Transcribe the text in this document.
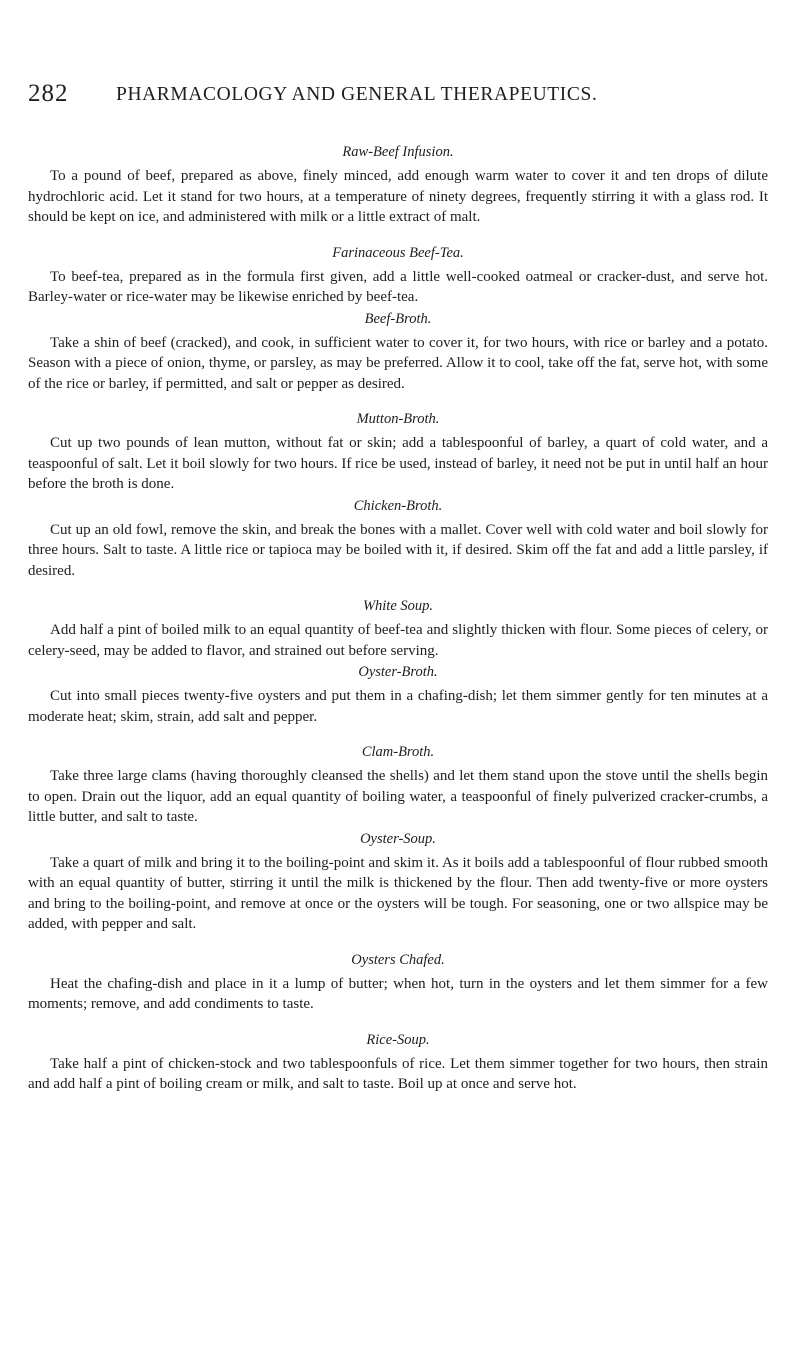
282 PHARMACOLOGY AND GENERAL THERAPEUTICS.
Raw-Beef Infusion.

To a pound of beef, prepared as above, finely minced, add enough warm water to cover it and ten drops of dilute hydrochloric acid. Let it stand for two hours, at a temperature of ninety degrees, frequently stirring it with a glass rod. It should be kept on ice, and administered with milk or a little extract of malt.

Farinaceous Beef-Tea.

To beef-tea, prepared as in the formula first given, add a little well-cooked oatmeal or cracker-dust, and serve hot. Barley-water or rice-water may be likewise enriched by beef-tea.

Beef-Broth.

Take a shin of beef (cracked), and cook, in sufficient water to cover it, for two hours, with rice or barley and a potato. Season with a piece of onion, thyme, or parsley, as may be preferred. Allow it to cool, take off the fat, serve hot, with some of the rice or barley, if permitted, and salt or pepper as desired.

Mutton-Broth.

Cut up two pounds of lean mutton, without fat or skin; add a tablespoonful of barley, a quart of cold water, and a teaspoonful of salt. Let it boil slowly for two hours. If rice be used, instead of barley, it need not be put in until half an hour before the broth is done.

Chicken-Broth.

Cut up an old fowl, remove the skin, and break the bones with a mallet. Cover well with cold water and boil slowly for three hours. Salt to taste. A little rice or tapioca may be boiled with it, if desired. Skim off the fat and add a little parsley, if desired.

White Soup.

Add half a pint of boiled milk to an equal quantity of beef-tea and slightly thicken with flour. Some pieces of celery, or celery-seed, may be added to flavor, and strained out before serving.

Oyster-Broth.

Cut into small pieces twenty-five oysters and put them in a chafing-dish; let them simmer gently for ten minutes at a moderate heat; skim, strain, add salt and pepper.

Clam-Broth.

Take three large clams (having thoroughly cleansed the shells) and let them stand upon the stove until the shells begin to open. Drain out the liquor, add an equal quantity of boiling water, a teaspoonful of finely pulverized cracker-crumbs, a little butter, and salt to taste.

Oyster-Soup.

Take a quart of milk and bring it to the boiling-point and skim it. As it boils add a tablespoonful of flour rubbed smooth with an equal quantity of butter, stirring it until the milk is thickened by the flour. Then add twenty-five or more oysters and bring to the boiling-point, and remove at once or the oysters will be tough. For seasoning, one or two allspice may be added, with pepper and salt.

Oysters Chafed.

Heat the chafing-dish and place in it a lump of butter; when hot, turn in the oysters and let them simmer for a few moments; remove, and add condiments to taste.

Rice-Soup.

Take half a pint of chicken-stock and two tablespoonfuls of rice. Let them simmer together for two hours, then strain and add half a pint of boiling cream or milk, and salt to taste. Boil up at once and serve hot.
